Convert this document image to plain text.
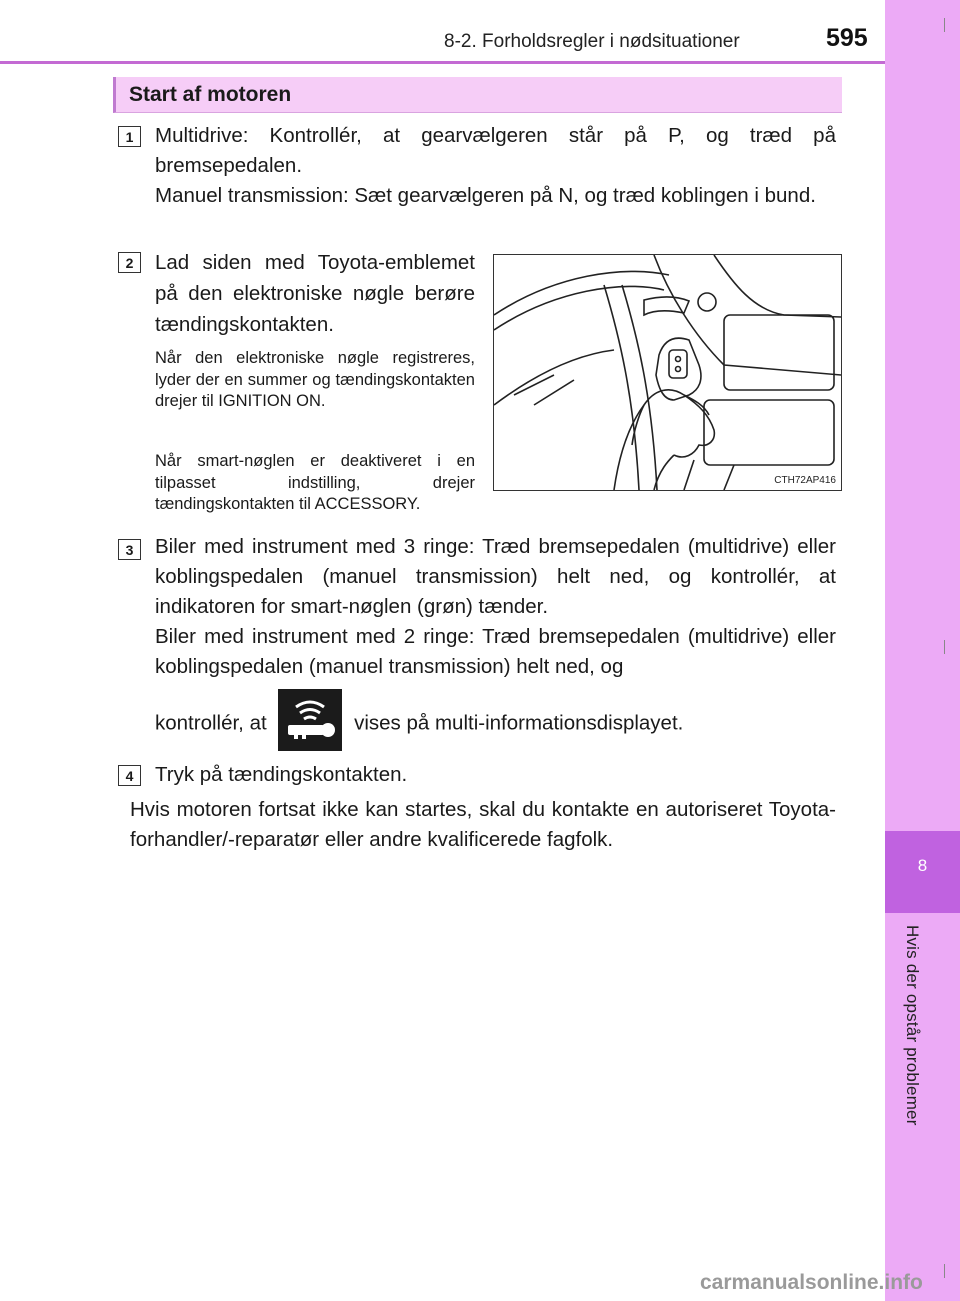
8-2. Forholdsregler i nødsituationer	595
8
Hvis der opstår problemer
Start af motoren
1	Multidrive: Kontrollér, at gearvælgeren står på P, og træd på bremsepedalen.
Manuel transmission: Sæt gearvælgeren på N, og træd koblingen i bund.
2	Lad siden med Toyota-emblemet på den elektroniske nøgle berøre tændingskontakten.
Når den elektroniske nøgle registreres, lyder der en summer og tændingskontakten drejer til IGNITION ON.
Når smart-nøglen er deaktiveret i en tilpasset indstilling, drejer tændingskontakten til ACCESSORY.
CTH72AP416
3	Biler med instrument med 3 ringe: Træd bremsepedalen (multidrive) eller koblingspedalen (manuel transmission) helt ned, og kontrollér, at indikatoren for smart-nøglen (grøn) tænder.
Biler med instrument med 2 ringe: Træd bremsepedalen (multidrive) eller koblingspedalen (manuel transmission) helt ned, og
kontrollér, at	vises på multi-informationsdisplayet.
4	Tryk på tændingskontakten.
Hvis motoren fortsat ikke kan startes, skal du kontakte en autoriseret Toyota-forhandler/-reparatør eller andre kvalificerede fagfolk.
carmanualsonline.info
